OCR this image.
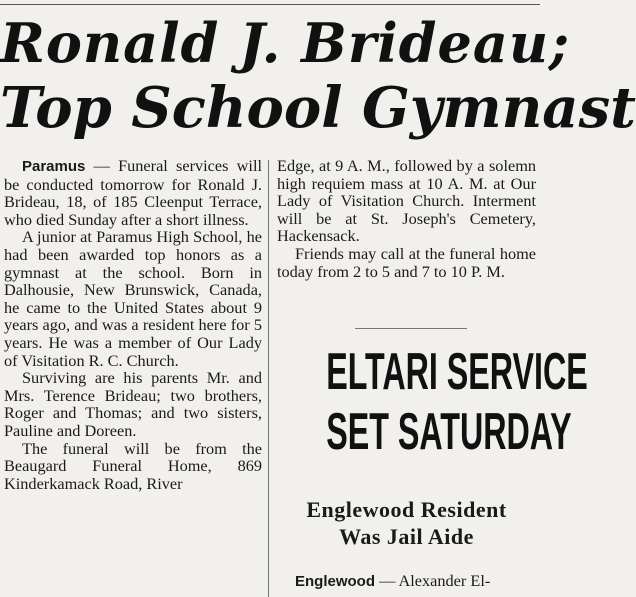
Ronald J. Brideau;
Top School Gymnast

Paramus — Funeral services will be conducted tomorrow for Ronald J. Brideau, 18, of 185 Cleenput Terrace, who died Sunday after a short illness.

A junior at Paramus High School, he had been awarded top honors as a gymnast at the school. Born in Dalhousie, New Brunswick, Canada, he came to the United States about 9 years ago, and was a resident here for 5 years. He was a member of Our Lady of Visitation R. C. Church.

Surviving are his parents Mr. and Mrs. Terence Brideau; two brothers, Roger and Thomas; and two sisters, Pauline and Doreen.

The funeral will be from the Beaugard Funeral Home, 869 Kinderkamack Road, River

Edge, at 9 A. M., followed by a solemn high requiem mass at 10 A. M. at Our Lady of Visitation Church. Interment will be at St. Joseph's Cemetery, Hackensack.

Friends may call at the funeral home today from 2 to 5 and 7 to 10 P. M.

ELTARI SERVICE
SET SATURDAY
Englewood Resident
Was Jail Aide

Englewood — Alexander El-
